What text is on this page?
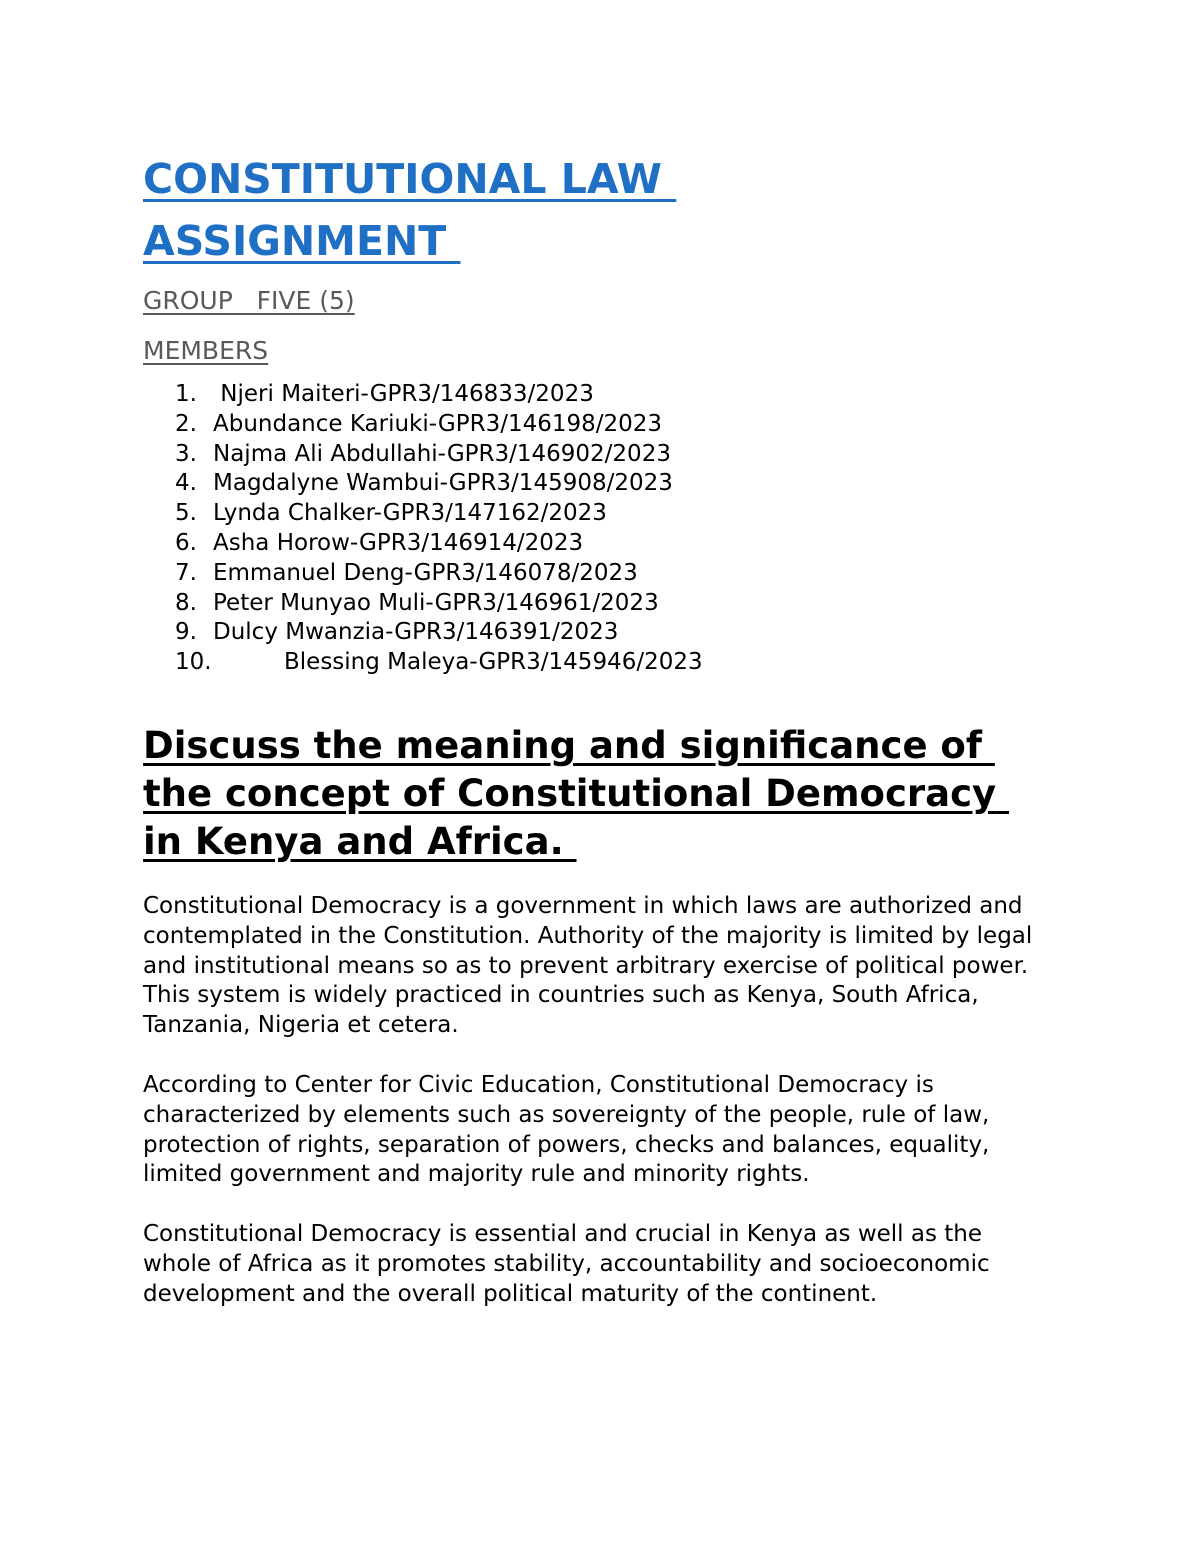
CONSTITUTIONAL LAW ASSIGNMENT

GROUP   FIVE (5)

MEMBERS

1. Njeri Maiteri-GPR3/146833/2023
2. Abundance Kariuki-GPR3/146198/2023
3. Najma Ali Abdullahi-GPR3/146902/2023
4. Magdalyne Wambui-GPR3/145908/2023
5. Lynda Chalker-GPR3/147162/2023
6. Asha Horow-GPR3/146914/2023
7. Emmanuel Deng-GPR3/146078/2023
8. Peter Munyao Muli-GPR3/146961/2023
9. Dulcy Mwanzia-GPR3/146391/2023
10.	Blessing Maleya-GPR3/145946/2023
Discuss the meaning and significance of the concept of Constitutional Democracy in Kenya and Africa.

Constitutional Democracy is a government in which laws are authorized and contemplated in the Constitution. Authority of the majority is limited by legal and institutional means so as to prevent arbitrary exercise of political power.

This system is widely practiced in countries such as Kenya, South Africa, Tanzania, Nigeria et cetera.

According to Center for Civic Education, Constitutional Democracy is characterized by elements such as sovereignty of the people, rule of law, protection of rights, separation of powers, checks and balances, equality, limited government and majority rule and minority rights.

Constitutional Democracy is essential and crucial in Kenya as well as the whole of Africa as it promotes stability, accountability and socioeconomic development and the overall political maturity of the continent.
